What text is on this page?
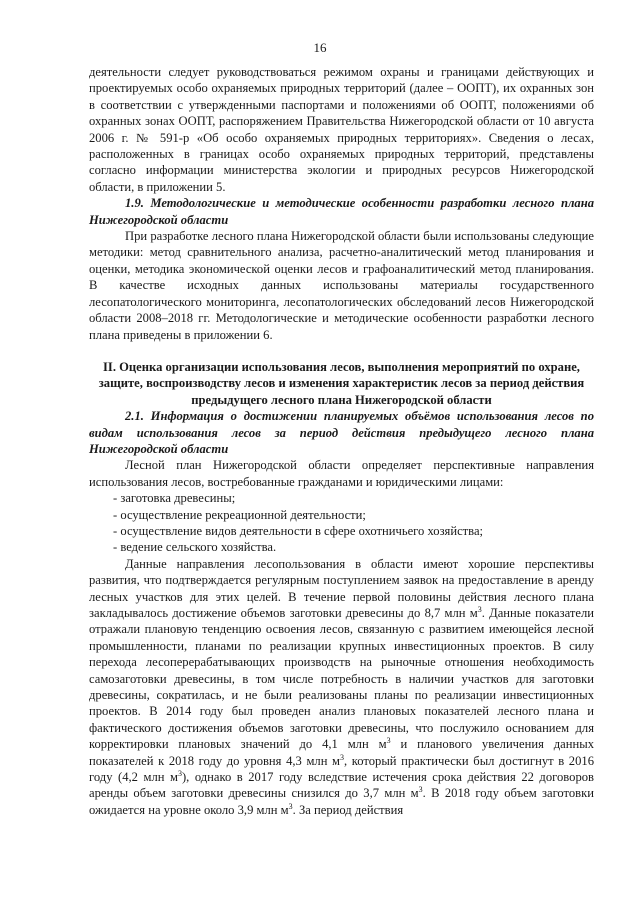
16

деятельности следует руководствоваться режимом охраны и границами действующих и проектируемых особо охраняемых природных территорий (далее – ООПТ), их охранных зон в соответствии с утвержденными паспортами и положениями об ООПТ, положениями об охранных зонах ООПТ, распоряжением Правительства Нижегородской области от 10 августа 2006 г. № 591-р «Об особо охраняемых природных территориях». Сведения о лесах, расположенных в границах особо охраняемых природных территорий, представлены согласно информации министерства экологии и природных ресурсов Нижегородской области, в приложении 5.

1.9. Методологические и методические особенности разработки лесного плана Нижегородской области

При разработке лесного плана Нижегородской области были использованы следующие методики: метод сравнительного анализа, расчетно-аналитический метод планирования и оценки, методика экономической оценки лесов и графоаналитический метод планирования. В качестве исходных данных использованы материалы государственного лесопатологического мониторинга, лесопатологических обследований лесов Нижегородской области 2008–2018 гг. Методологические и методические особенности разработки лесного плана приведены в приложении 6.

II. Оценка организации использования лесов, выполнения мероприятий по охране, защите, воспроизводству лесов и изменения характеристик лесов за период действия предыдущего лесного плана Нижегородской области

2.1. Информация о достижении планируемых объёмов использования лесов по видам использования лесов за период действия предыдущего лесного плана Нижегородской области

Лесной план Нижегородской области определяет перспективные направления использования лесов, востребованные гражданами и юридическими лицами:

- заготовка древесины;

- осуществление рекреационной деятельности;

- осуществление видов деятельности в сфере охотничьего хозяйства;

- ведение сельского хозяйства.

Данные направления лесопользования в области имеют хорошие перспективы развития, что подтверждается регулярным поступлением заявок на предоставление в аренду лесных участков для этих целей. В течение первой половины действия лесного плана закладывалось достижение объемов заготовки древесины до 8,7 млн $м^3$. Данные показатели отражали плановую тенденцию освоения лесов, связанную с развитием имеющейся лесной промышленности, планами по реализации крупных инвестиционных проектов. В силу перехода лесоперерабатывающих производств на рыночные отношения необходимость самозаготовки древесины, в том числе потребность в наличии участков для заготовки древесины, сократилась, и не были реализованы планы по реализации инвестиционных проектов. В 2014 году был проведен анализ плановых показателей лесного плана и фактического достижения объемов заготовки древесины, что послужило основанием для корректировки плановых значений до 4,1 млн $м^3$ и планового увеличения данных показателей к 2018 году до уровня 4,3 млн $м^3$, который практически был достигнут в 2016 году (4,2 млн $м^3$), однако в 2017 году вследствие истечения срока действия 22 договоров аренды объем заготовки древесины снизился до 3,7 млн $м^3$. В 2018 году объем заготовки ожидается на уровне около 3,9 млн $м^3$. За период действия
